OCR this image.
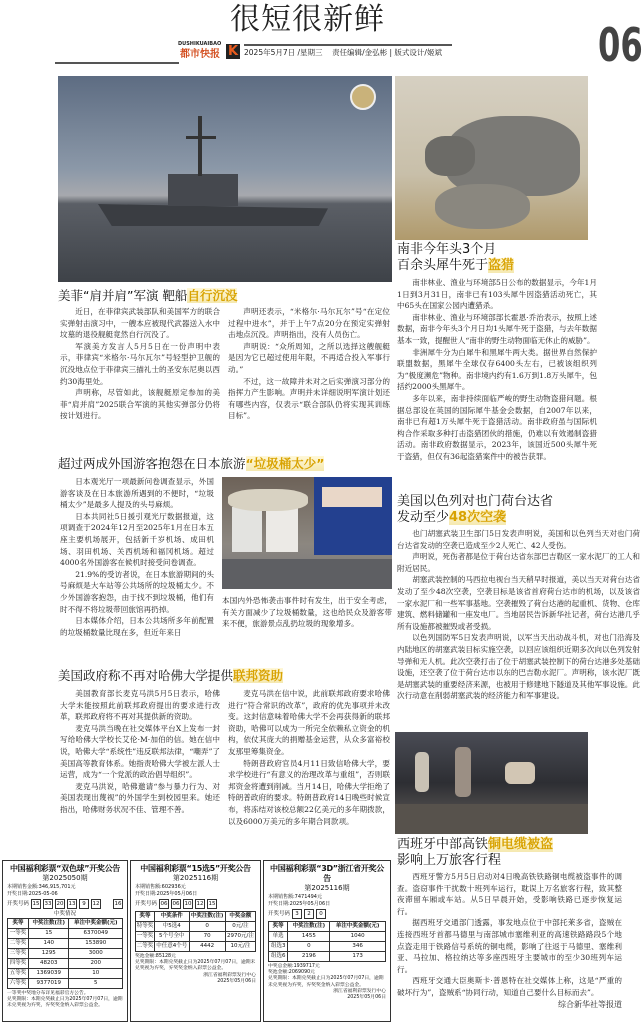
很短很新鲜
DUSHIKUAIBAO
都市快报 K 2025年5月7日 /星期三 责任编辑/金弘彬 | 版式设计/姬斌	06
美菲“肩并肩”军演 靶船自行沉没

近日，在菲律宾武装部队和美国军方的联合实弹射击演习中，一艘本应被现代武器送入水中坟墓的退役舰艇竟然自行沉没了。

军演美方发言人5月5日在一份声明中表示，菲律宾“米格尔·马尔瓦尔”号轻型护卫舰的沉没地点位于菲律宾三描礼士的圣安东尼奥以西约30海里处。

声明称，尽管如此，该舰艇原定参加的美菲“肩并肩”2025联合军演的其他实弹部分仍将按计划进行。

声明还表示，“米格尔·马尔瓦尔”号“在定位过程中进水”，并于上午7点20分在预定实弹射击地点沉没。声明指出，没有人员伤亡。

声明说：“众所周知，之所以选择这艘舰艇是因为它已超过使用年限，不再适合投入军事行动。”

不过，这一故障并未对之后实弹演习部分的指挥力产生影响。声明并未详细说明军演计划还有哪些内容，仅表示“联合部队仍将实现其训练目标”。

超过两成外国游客抱怨在日本旅游“垃圾桶太少”

日本观光厅一项最新问卷调查显示，外国游客谈及在日本旅游所遇到的不便时，“垃圾桶太少”是最多人提及的头号麻烦。

日本共同社5日援引观光厅数据报道，这项调查于2024年12月至2025年1月在日本五座主要机场展开，包括新千岁机场、成田机场、羽田机场、关西机场和福冈机场。超过4000名外国游客在候机时接受问卷调查。

21.9%的受访者说，在日本旅游期间的头号麻烦是大车站等公共场所的垃圾桶太少。不少外国游客抱怨，由于找不到垃圾桶，他们有时不得不将垃圾带回旅馆再扔掉。

日本媒体介绍，日本公共场所多年前配置的垃圾桶数量比现在多，但近年来日

本国内外恐怖袭击事件时有发生，出于安全考虑，有关方面减少了垃圾桶数量，这也给民众及游客带来不便，旅游景点乱扔垃圾的现象增多。

美国政府称不再对哈佛大学提供联邦资助

美国教育部长麦克马洪5月5日表示，哈佛大学未能按照此前联邦政府提出的要求进行改革，联邦政府将不再对其提供新的资助。

麦克马洪当晚在社交媒体平台X上发布一封写给哈佛大学校长艾伦·M·加伯的信。她在信中说，哈佛大学“系统性”违反联邦法律，“嘲弄”了美国高等教育体系。她指责哈佛大学被左派人士运营，成为“一个党派的政治倡导组织”。

麦克马洪说，哈佛邀请“参与暴力行为、对美国表现出蔑视”的外国学生到校园里来。她还指出，哈佛财务状况不佳、管理不善。

麦克马洪在信中说，此前联邦政府要求哈佛进行“符合常识的改革”，政府的优先事项并未改变。这封信意味着哈佛大学不会再获得新的联邦资助，哈佛可以成为一所完全依赖私立资金的机构，依仗其庞大的捐赠基金运营，从众多富裕校友那里筹集资金。

特朗普政府官员4月11日致信哈佛大学，要求学校进行“有意义的治理改革与重组”，否则联邦资金将遭到削减。当月14日，哈佛大学拒绝了特朗普政府的要求。特朗普政府14日晚些时候宣布，将冻结对该校总额22亿美元的多年期拨款，以及6000万美元的多年期合同款项。

南非今年头3个月
百余头犀牛死于盗猎

南非林业、渔业与环境部5日公布的数据显示，今年1月1日到3月31日，南非已有103头犀牛因盗猎活动死亡，其中65头在国家公园内遭猎杀。

南非林业、渔业与环境部部长霍恩·乔治表示，按照上述数据，南非今年头3个月日均1头犀牛死于盗猎，与去年数据基本一致，提醒世人“南非的野生动物面临无休止的威胁”。

非洲犀牛分为白犀牛和黑犀牛两大类。据世界自然保护联盟数据，黑犀牛全球仅存6400头左右，已被该组织列为“极度濒危”物种。南非境内约有1.6万到1.8万头犀牛，包括约2000头黑犀牛。

多年以来，南非持续面临严峻的野生动物盗猎问题。根据总部设在英国的国际犀牛基金会数据，自2007年以来，南非已有超1万头犀牛死于盗猎活动。南非政府虽与国际机构合作采取多种打击盗猎团伙的措施，仍难以有效遏制盗猎活动。南非政府数据显示，2023年，该国近500头犀牛死于盗猎，但仅有36起盗猎案件中的被告获罪。

美国以色列对也门荷台达省
发动至少48次空袭

也门胡塞武装卫生部门5日发表声明说，美国和以色列当天对也门荷台达省发动的空袭已造成至少2人死亡、42人受伤。

声明说，死伤者都是位于荷台达省东部巴吉勒区一家水泥厂的工人和附近居民。

胡塞武装控制的马西拉电视台当天稍早时报道，美以当天对荷台达省发动了至少48次空袭，空袭目标是该省首府荷台达市的机场，以及该省一家水泥厂和一些军事基地。空袭摧毁了荷台达港的起重机、货物、仓库建筑、燃料储罐和一座发电厂。当地居民告诉新华社记者，荷台达港几乎所有设施都被摧毁或者受损。

以色列国防军5日发表声明说，以军当天出动战斗机，对也门沿海及内陆地区的胡塞武装目标实施空袭，以回应该组织近期多次向以色列发射导弹和无人机。此次空袭打击了位于胡塞武装控制下的荷台达港多处基础设施，还空袭了位于荷台达市以东的巴吉勒水泥厂。声明称，该水泥厂既是胡塞武装的重要经济来源，也被用于修建地下隧道及其他军事设施。此次行动意在削弱胡塞武装的经济能力和军事建设。

西班牙中部高铁铜电缆被盗
影响上万旅客行程

西班牙警方5月5日启动对4日晚高铁铁路铜电缆被盗事件的调查。盗窃事件干扰数十班列车运行，耽误上万名旅客行程，致其整夜滞留车厢或车站。从5日早晨开始，受影响铁路已逐步恢复运行。

据西班牙交通部门透露，事发地点位于中部托莱多省，盗贼在连接西班牙首都马德里与南部城市塞维利亚的高速铁路路段5个地点盗走用于铁路信号系统的铜电缆，影响了往返于马德里、塞维利亚、马拉加、格拉纳达等多座西班牙主要城市的至少30班列车运行。

西班牙交通大臣奥斯卡·普恩特在社交媒体上称，这是“严重的破坏行为”，盗贼系“协同行动，知道自己要什么目标而去”。

综合新华社等报道

中国福利彩票“双色球”开奖公告
第2025050期
本期销售金额:346,915,701元
开奖日期:2025-05-06
开奖号码 15 33 20 13	9	12	16
中奖情况
奖等	中奖注数(注)	单注中奖金额(元)
一等奖	15	6370049
二等奖	140	153890
三等奖	1295	3000
四等奖	48203	200
五等奖	1369039	10
六等奖	9377019	5
一等奖中奖地分布详见福彩官方公告。
兑奖期限：本期兑奖截止日为2025年07月07日，逾期未兑奖视为弃奖，弃奖奖金纳入彩票公益金。
中国福利彩票“15选5”开奖公告
第2025116期
本期销售额:602936元
开奖日期:2025年05月06日
开奖号码 06 06 10 12 15
奖等	中奖条件	中奖注数(注)	中奖金额
特等奖	中5选4	0	0元/注
一等奖	5个号全中	70	2970元/注
二等奖	中任意4个号	4442	10元/注
奖池金额:85128元
兑奖期限：本期兑奖截止日为2025年07月07日，逾期未兑奖视为弃奖，弃奖奖金纳入彩票公益金。
浙江省福利彩票发行中心
2025年05月06日
中国福利彩票“3D”浙江省开奖公告
第2025116期
本期销售额:7471494元
开奖日期:2025年05月06日
开奖号码 3	2	0
奖等	中奖注数(注)	单注中奖金额(元)
单选	1455	1040
组选3	0	346
组选6	2196	173
中奖总金额:1939717元
奖池金额:2069090元
兑奖期限：本期兑奖截止日为2025年07月07日，逾期未兑奖视为弃奖，弃奖奖金纳入彩票公益金。
浙江省福利彩票发行中心
2025年05月06日
